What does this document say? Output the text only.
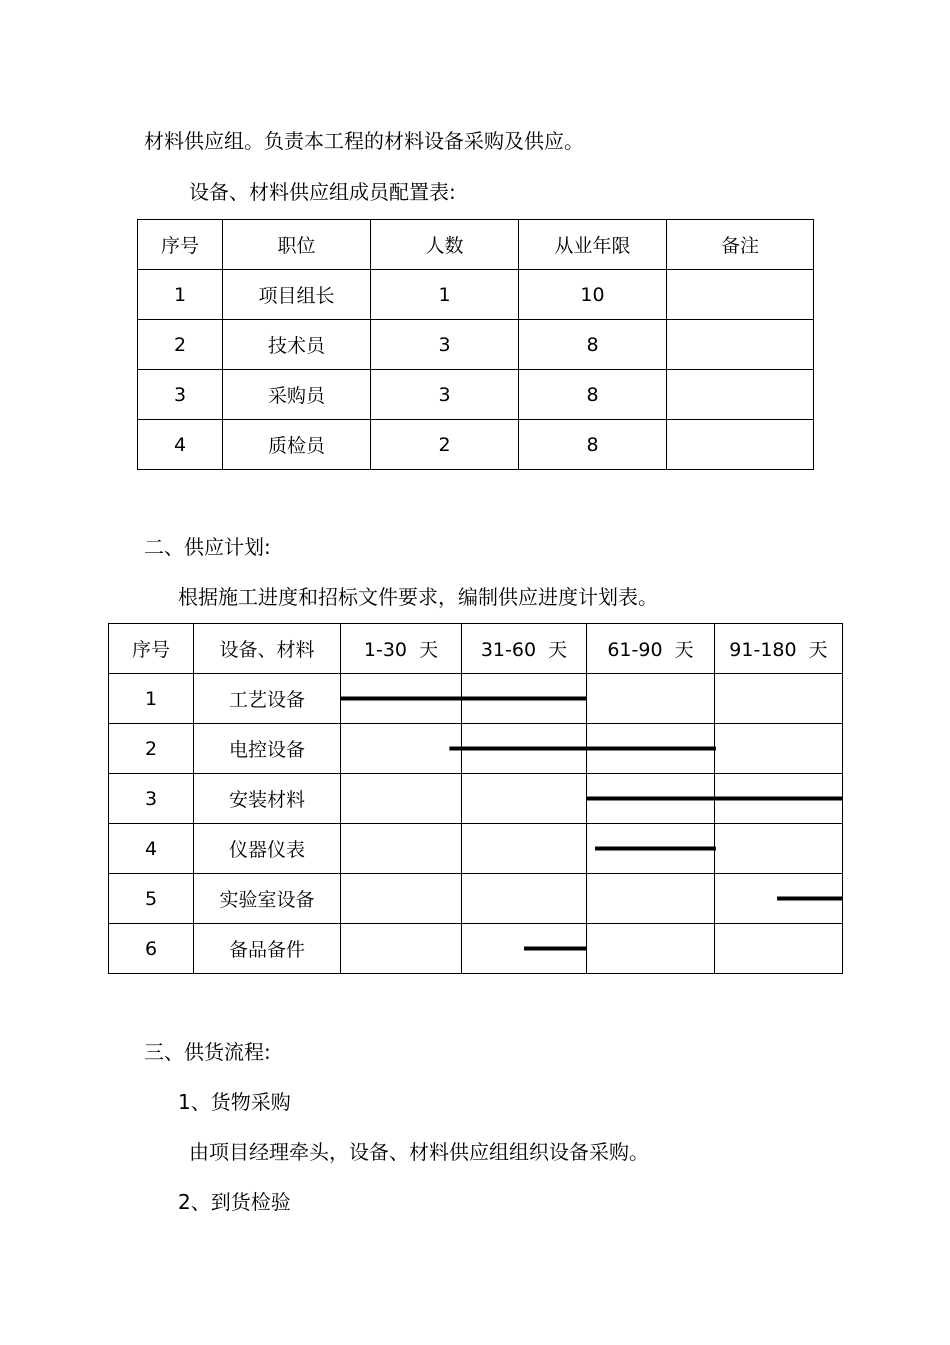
材料供应组。负责本工程的材料设备采购及供应。
设备、材料供应组成员配置表:
序号	职位	人数	从业年限	备注
1	项目组长	1	10	
2	技术员	3	8	
3	采购员	3	8	
4	质检员	2	8	
二、供应计划:
根据施工进度和招标文件要求，编制供应进度计划表。
序号	设备、材料	1-30  天	31-60  天	61-90  天	91-180  天
1	工艺设备				
2	电控设备				
3	安装材料				
4	仪器仪表				
5	实验室设备				
6	备品备件				
三、供货流程:
1、货物采购
由项目经理牵头，设备、材料供应组组织设备采购。
2、到货检验
